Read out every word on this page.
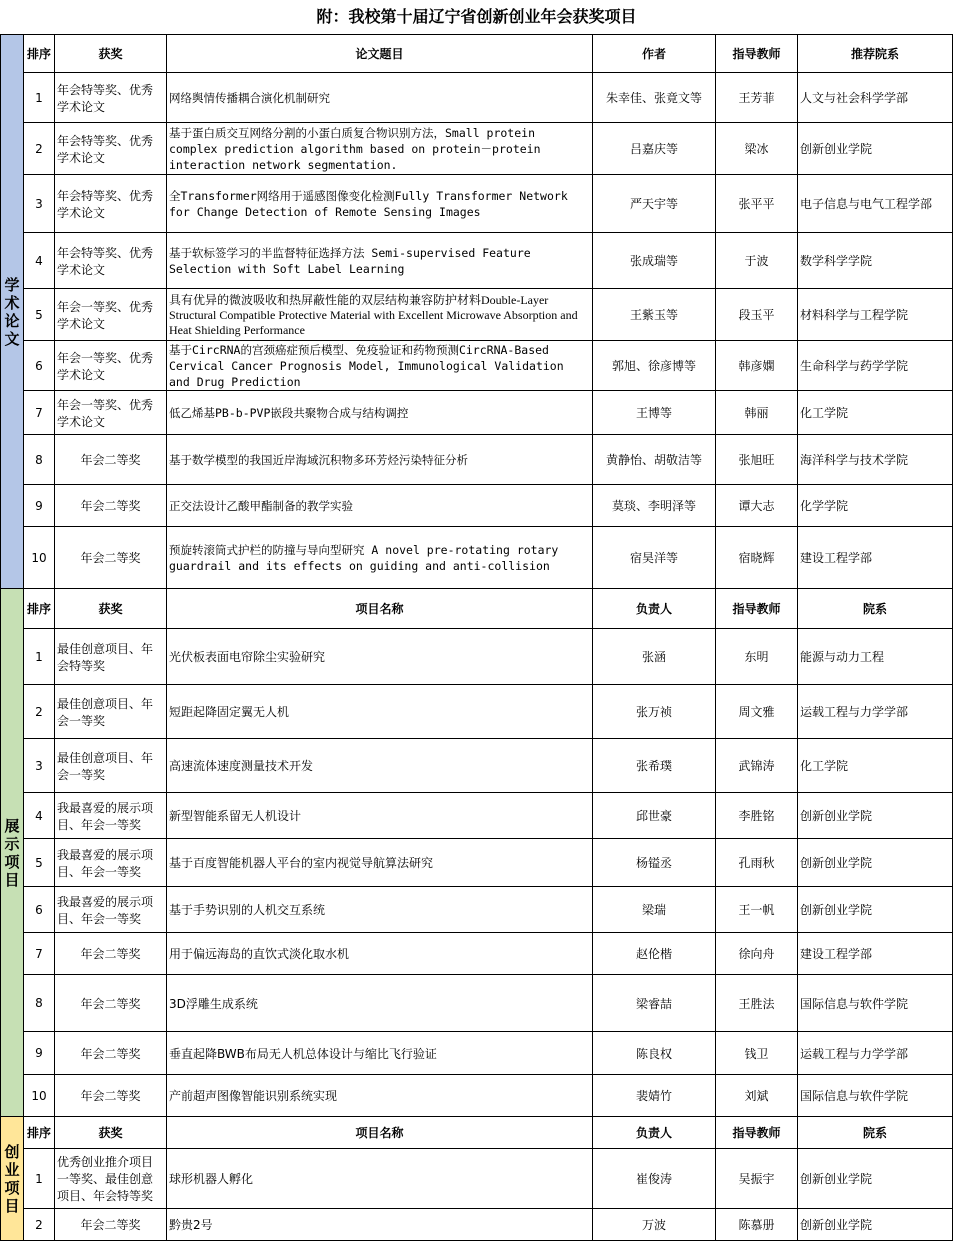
附：我校第十届辽宁省创新创业年会获奖项目
学术论文	排序	获奖	论文题目	作者	指导教师	推荐院系
	1	年会特等奖、优秀学术论文	网络舆情传播耦合演化机制研究	朱幸佳、张竟文等	王芳菲	人文与社会科学学部
	2	年会特等奖、优秀学术论文	基于蛋白质交互网络分割的小蛋白质复合物识别方法，Small protein complex prediction algorithm based on protein－protein interaction network segmentation.	吕嘉庆等	梁冰	创新创业学院
	3	年会特等奖、优秀学术论文	全Transformer网络用于遥感图像变化检测Fully Transformer Network for Change Detection of Remote Sensing Images	严天宇等	张平平	电子信息与电气工程学部
	4	年会特等奖、优秀学术论文	基于软标签学习的半监督特征选择方法 Semi-supervised Feature Selection with Soft Label Learning	张成瑞等	于波	数学科学学院
	5	年会一等奖、优秀学术论文	具有优异的微波吸收和热屏蔽性能的双层结构兼容防护材料Double-Layer Structural Compatible Protective Material with Excellent Microwave Absorption and Heat Shielding Performance	王紫玉等	段玉平	材料科学与工程学院
	6	年会一等奖、优秀学术论文	基于CircRNA的宫颈癌症预后模型、免疫验证和药物预测CircRNA-Based Cervical Cancer Prognosis Model, Immunological Validation and Drug Prediction	郭旭、徐彦博等	韩彦嫻	生命科学与药学学院
	7	年会一等奖、优秀学术论文	低乙烯基PB-b-PVP嵌段共聚物合成与结构调控	王博等	韩丽	化工学院
	8	年会二等奖	基于数学模型的我国近岸海域沉积物多环芳烃污染特征分析	黄静怡、胡敬洁等	张旭旺	海洋科学与技术学院
	9	年会二等奖	正交法设计乙酸甲酯制备的教学实验	莫琰、李明泽等	谭大志	化学学院
	10	年会二等奖	预旋转滚筒式护栏的防撞与导向型研究 A novel pre-rotating rotary guardrail and its effects on guiding and anti-collision	宿昊洋等	宿晓辉	建设工程学部

展示项目	排序	获奖	项目名称	负责人	指导教师	院系
	1	最佳创意项目、年会特等奖	光伏板表面电帘除尘实验研究	张涵	东明	能源与动力工程
	2	最佳创意项目、年会一等奖	短距起降固定翼无人机	张万祯	周文雅	运载工程与力学学部
	3	最佳创意项目、年会一等奖	高速流体速度测量技术开发	张希璞	武锦涛	化工学院
	4	我最喜爱的展示项目、年会一等奖	新型智能系留无人机设计	邱世豪	李胜铭	创新创业学院
	5	我最喜爱的展示项目、年会一等奖	基于百度智能机器人平台的室内视觉导航算法研究	杨镒丞	孔雨秋	创新创业学院
	6	我最喜爱的展示项目、年会一等奖	基于手势识别的人机交互系统	梁瑞	王一帆	创新创业学院
	7	年会二等奖	用于偏远海岛的直饮式淡化取水机	赵伦楷	徐向舟	建设工程学部
	8	年会二等奖	3D浮雕生成系统	梁睿喆	王胜法	国际信息与软件学院
	9	年会二等奖	垂直起降BWB布局无人机总体设计与缩比飞行验证	陈良权	钱卫	运载工程与力学学部
	10	年会二等奖	产前超声图像智能识别系统实现	裴婧竹	刘斌	国际信息与软件学院

创业项目	排序	获奖	项目名称	负责人	指导教师	院系
	1	优秀创业推介项目一等奖、最佳创意项目、年会特等奖	球形机器人孵化	崔俊涛	吴振宇	创新创业学院
	2	年会二等奖	黔贵2号	万波	陈慕册	创新创业学院
